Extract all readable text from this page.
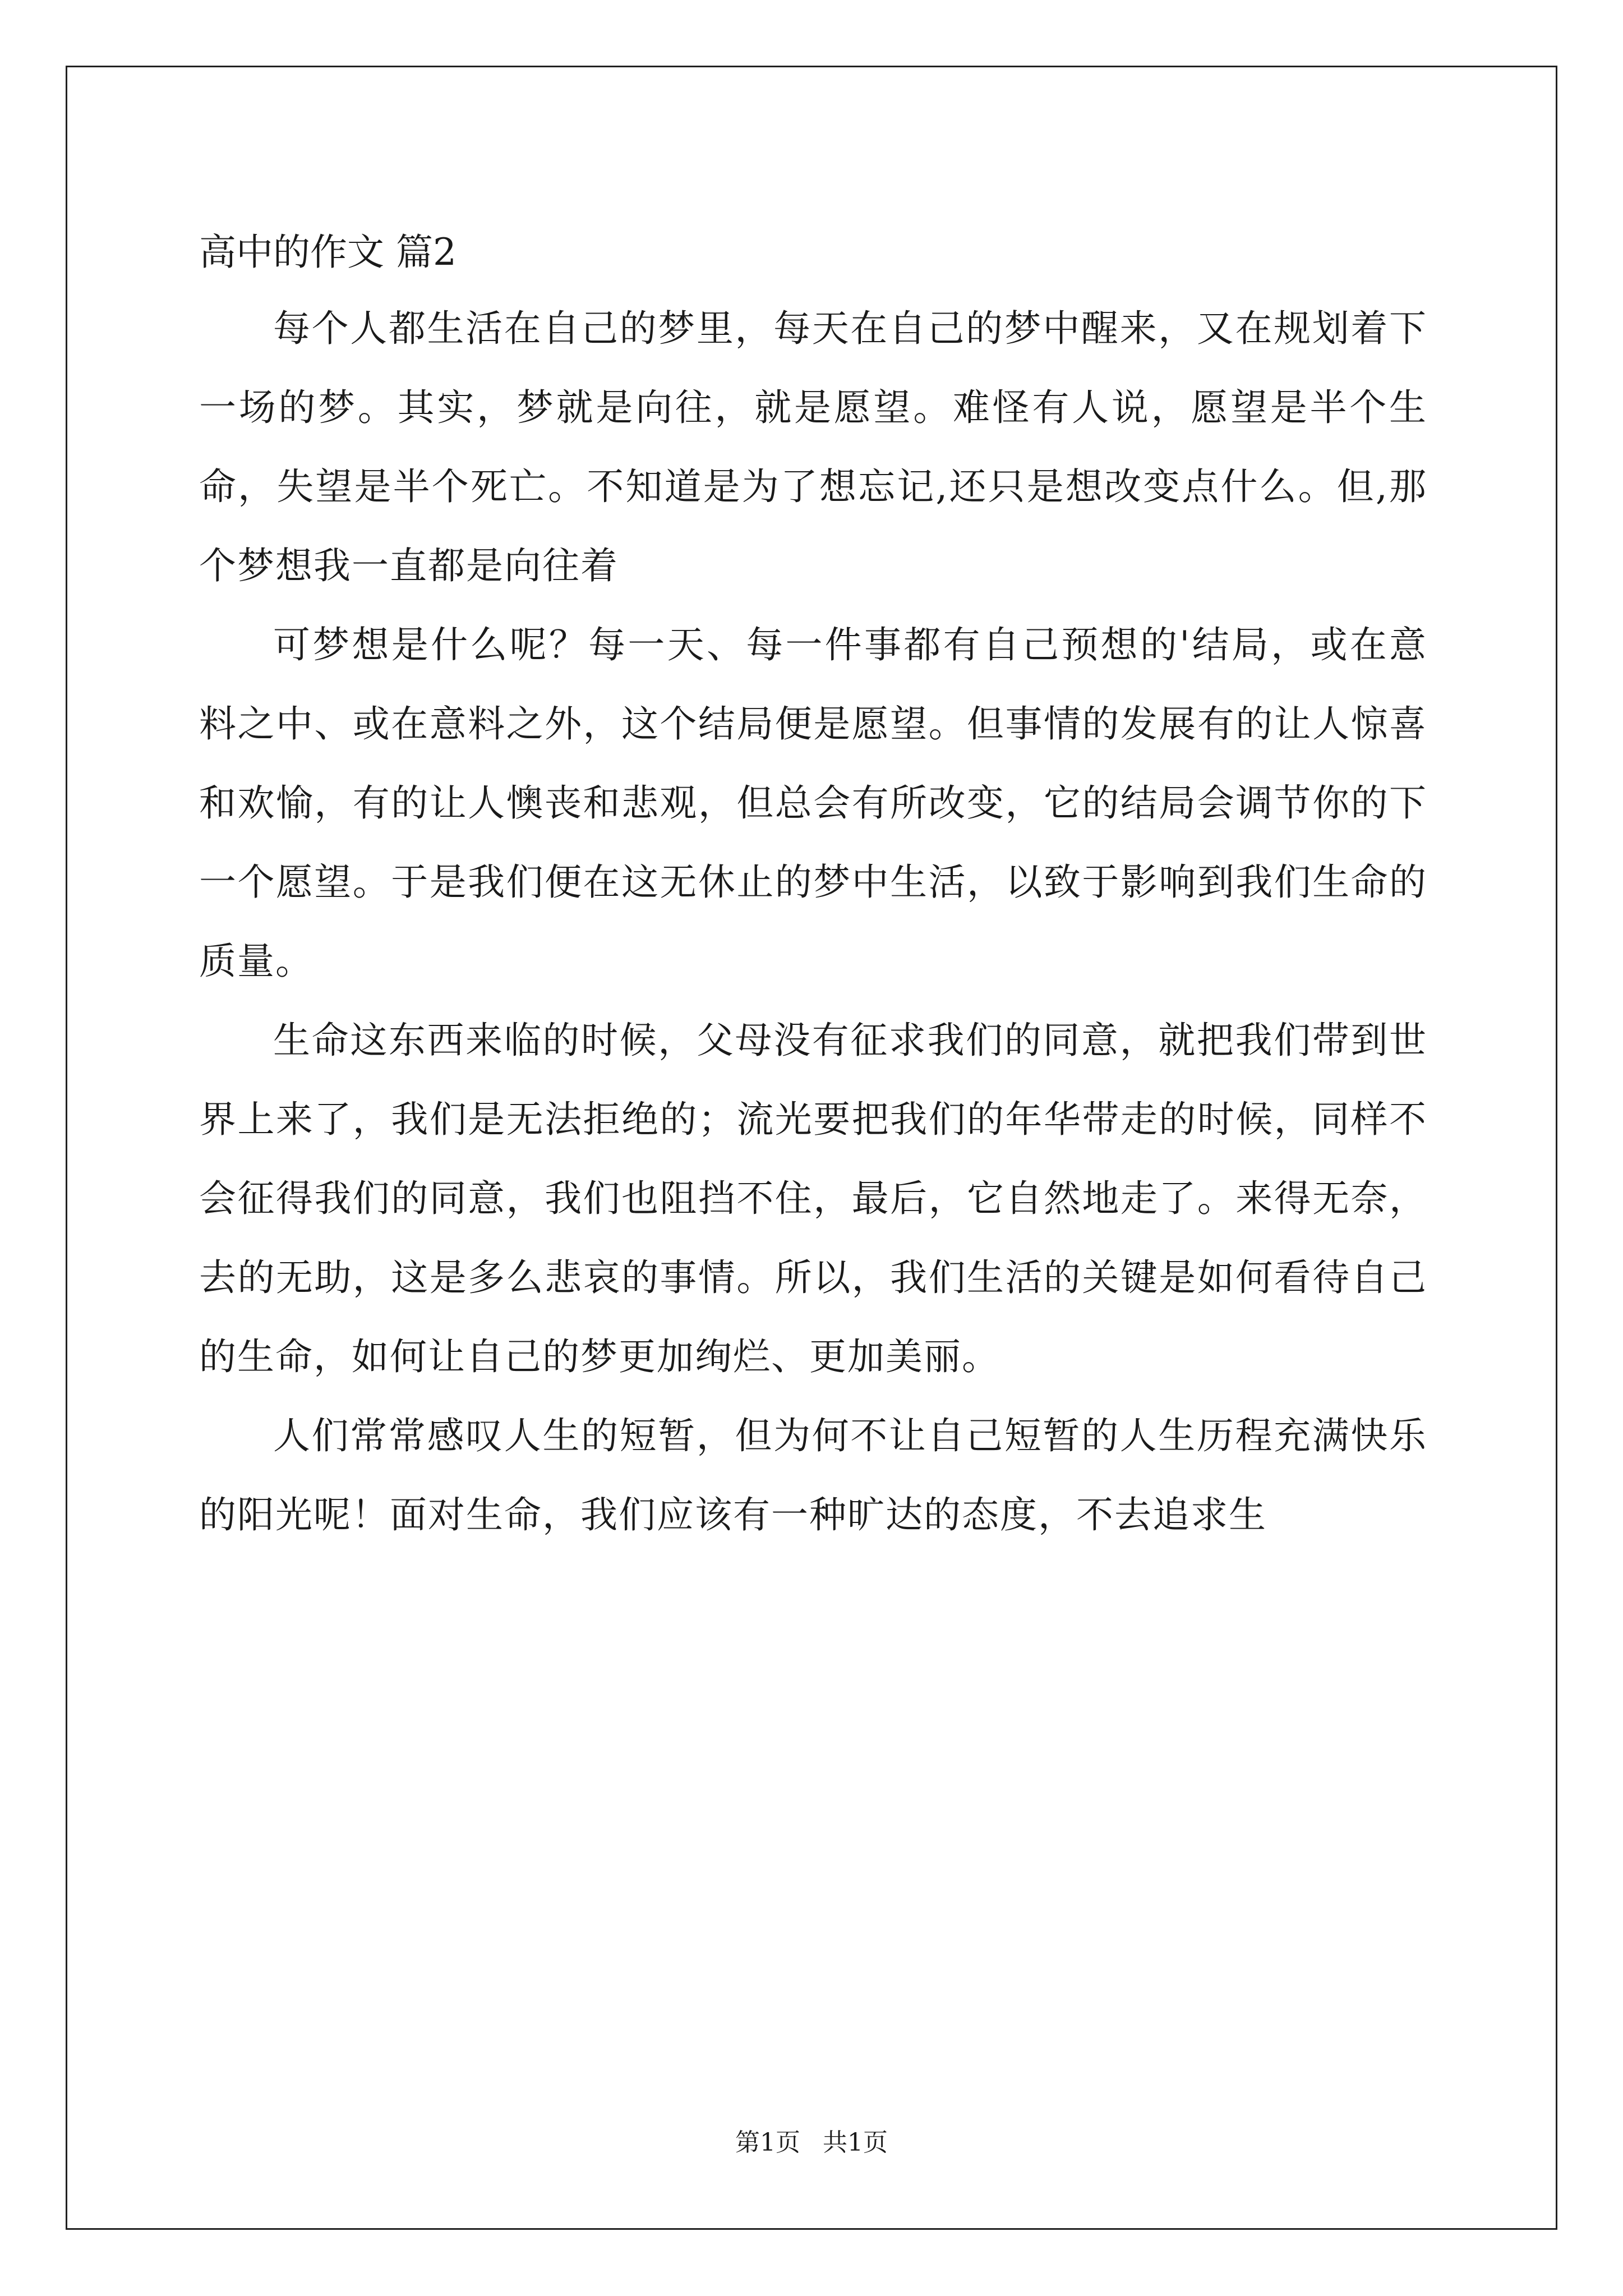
高中的作文 篇2

每个人都生活在自己的梦里，每天在自己的梦中醒来，又在规划着下一场的梦。其实，梦就是向往，就是愿望。难怪有人说，愿望是半个生命，失望是半个死亡。不知道是为了想忘记,还只是想改变点什么。但,那个梦想我一直都是向往着

可梦想是什么呢？每一天、每一件事都有自己预想的'结局，或在意料之中、或在意料之外，这个结局便是愿望。但事情的发展有的让人惊喜和欢愉，有的让人懊丧和悲观，但总会有所改变，它的结局会调节你的下一个愿望。于是我们便在这无休止的梦中生活，以致于影响到我们生命的质量。

生命这东西来临的时候，父母没有征求我们的同意，就把我们带到世界上来了，我们是无法拒绝的；流光要把我们的年华带走的时候，同样不会征得我们的同意，我们也阻挡不住，最后，它自然地走了。来得无奈，去的无助，这是多么悲哀的事情。所以，我们生活的关键是如何看待自己的生命，如何让自己的梦更加绚烂、更加美丽。

人们常常感叹人生的短暂，但为何不让自己短暂的人生历程充满快乐的阳光呢！面对生命，我们应该有一种旷达的态度，不去追求生

第1页 共1页
